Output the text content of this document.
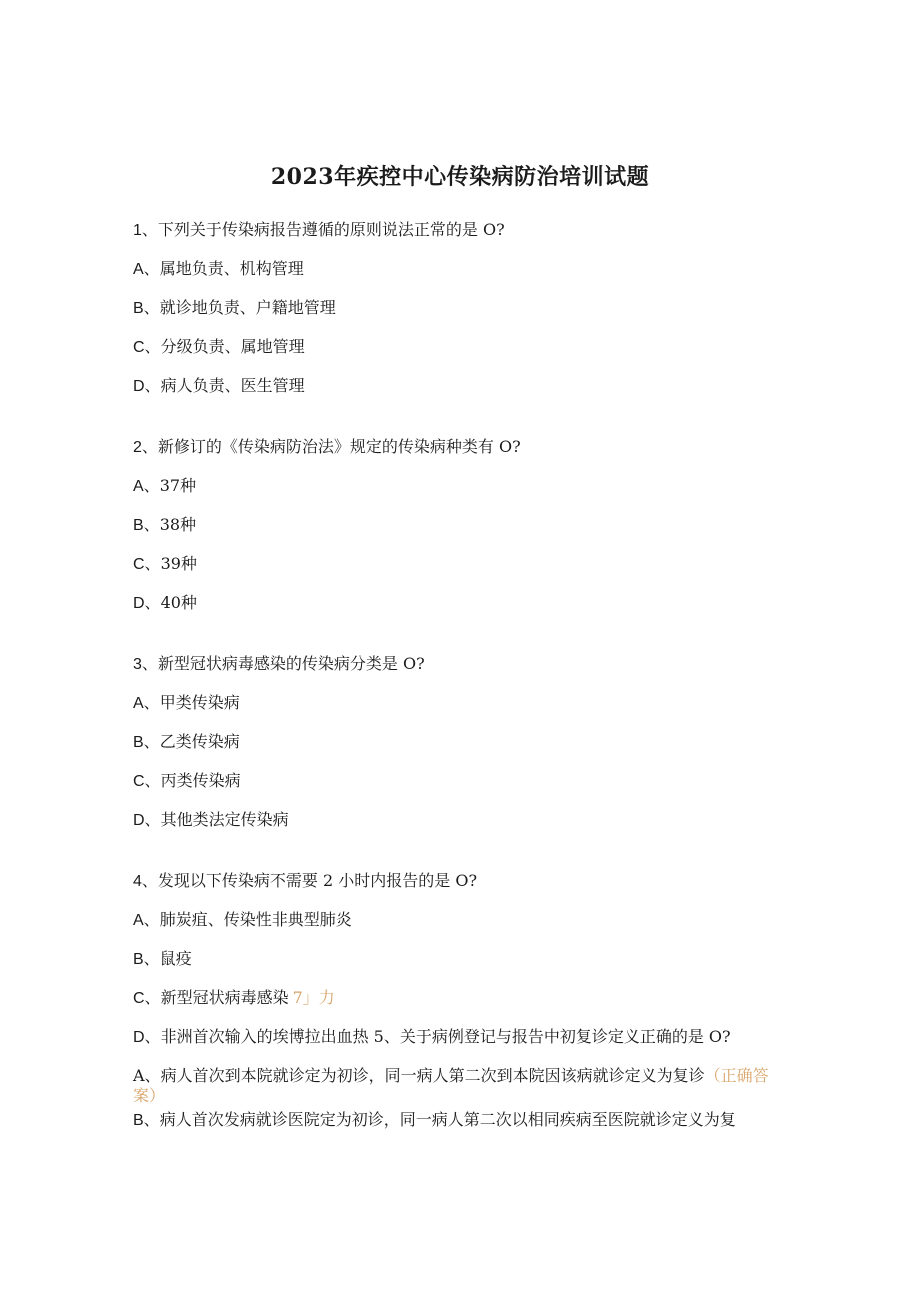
2023年疾控中心传染病防治培训试题
1、下列关于传染病报告遵循的原则说法正常的是 O?
A、属地负责、机构管理
B、就诊地负责、户籍地管理
C、分级负责、属地管理
D、病人负责、医生管理
2、新修订的《传染病防治法》规定的传染病种类有 O?
A、37种
B、38种
C、39种
D、40种
3、新型冠状病毒感染的传染病分类是 O?
A、甲类传染病
B、乙类传染病
C、丙类传染病
D、其他类法定传染病
4、发现以下传染病不需要 2 小时内报告的是 O?
A、肺炭疽、传染性非典型肺炎
B、鼠疫
C、新型冠状病毒感染 7」力
D、非洲首次输入的埃博拉出血热 5、关于病例登记与报告中初复诊定义正确的是 O?
A、病人首次到本院就诊定为初诊，同一病人第二次到本院因该病就诊定义为复诊（正确答案）
B、病人首次发病就诊医院定为初诊，同一病人第二次以相同疾病至医院就诊定义为复
